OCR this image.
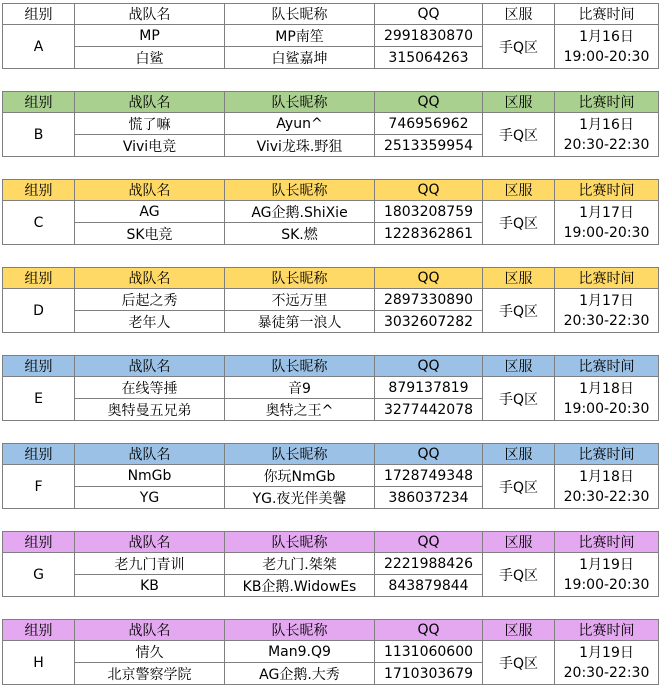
组别	战队名	队长昵称	QQ	区服	比赛时间
A	MP	MP南笙	2991830870	手Q区	1月16日
19:00-20:30

	白鲨	白鲨嘉坤	315064263		
组别	战队名	队长昵称	QQ	区服	比赛时间
B	慌了嘛	Ayun^	746956962	手Q区	1月16日
20:30-22:30

	Vivi电竞	Vivi龙珠.野狙	2513359954		
组别	战队名	队长昵称	QQ	区服	比赛时间
C	AG	AG企鹅.ShiXie	1803208759	手Q区	1月17日
19:00-20:30

	SK电竞	SK.燃	1228362861		
组别	战队名	队长昵称	QQ	区服	比赛时间
D	后起之秀	不远万里	2897330890	手Q区	1月17日
20:30-22:30

	老年人	暴徒第一浪人	3032607282		
组别	战队名	队长昵称	QQ	区服	比赛时间
E	在线等捶	音9	879137819	手Q区	1月18日
19:00-20:30

	奥特曼五兄弟	奥特之王^	3277442078		
组别	战队名	队长昵称	QQ	区服	比赛时间
F	NmGb	你玩NmGb	1728749348	手Q区	1月18日
20:30-22:30

	YG	YG.夜光伴美馨	386037234		
组别	战队名	队长昵称	QQ	区服	比赛时间
G	老九门青训	老九门.桀桀	2221988426	手Q区	1月19日
19:00-20:30

	KB	KB企鹅.WidowEs	843879844		
组别	战队名	队长昵称	QQ	区服	比赛时间
H	情久	Man9.Q9	1131060600	手Q区	1月19日
20:30-22:30

	北京警察学院	AG企鹅.大秀	1710303679		
